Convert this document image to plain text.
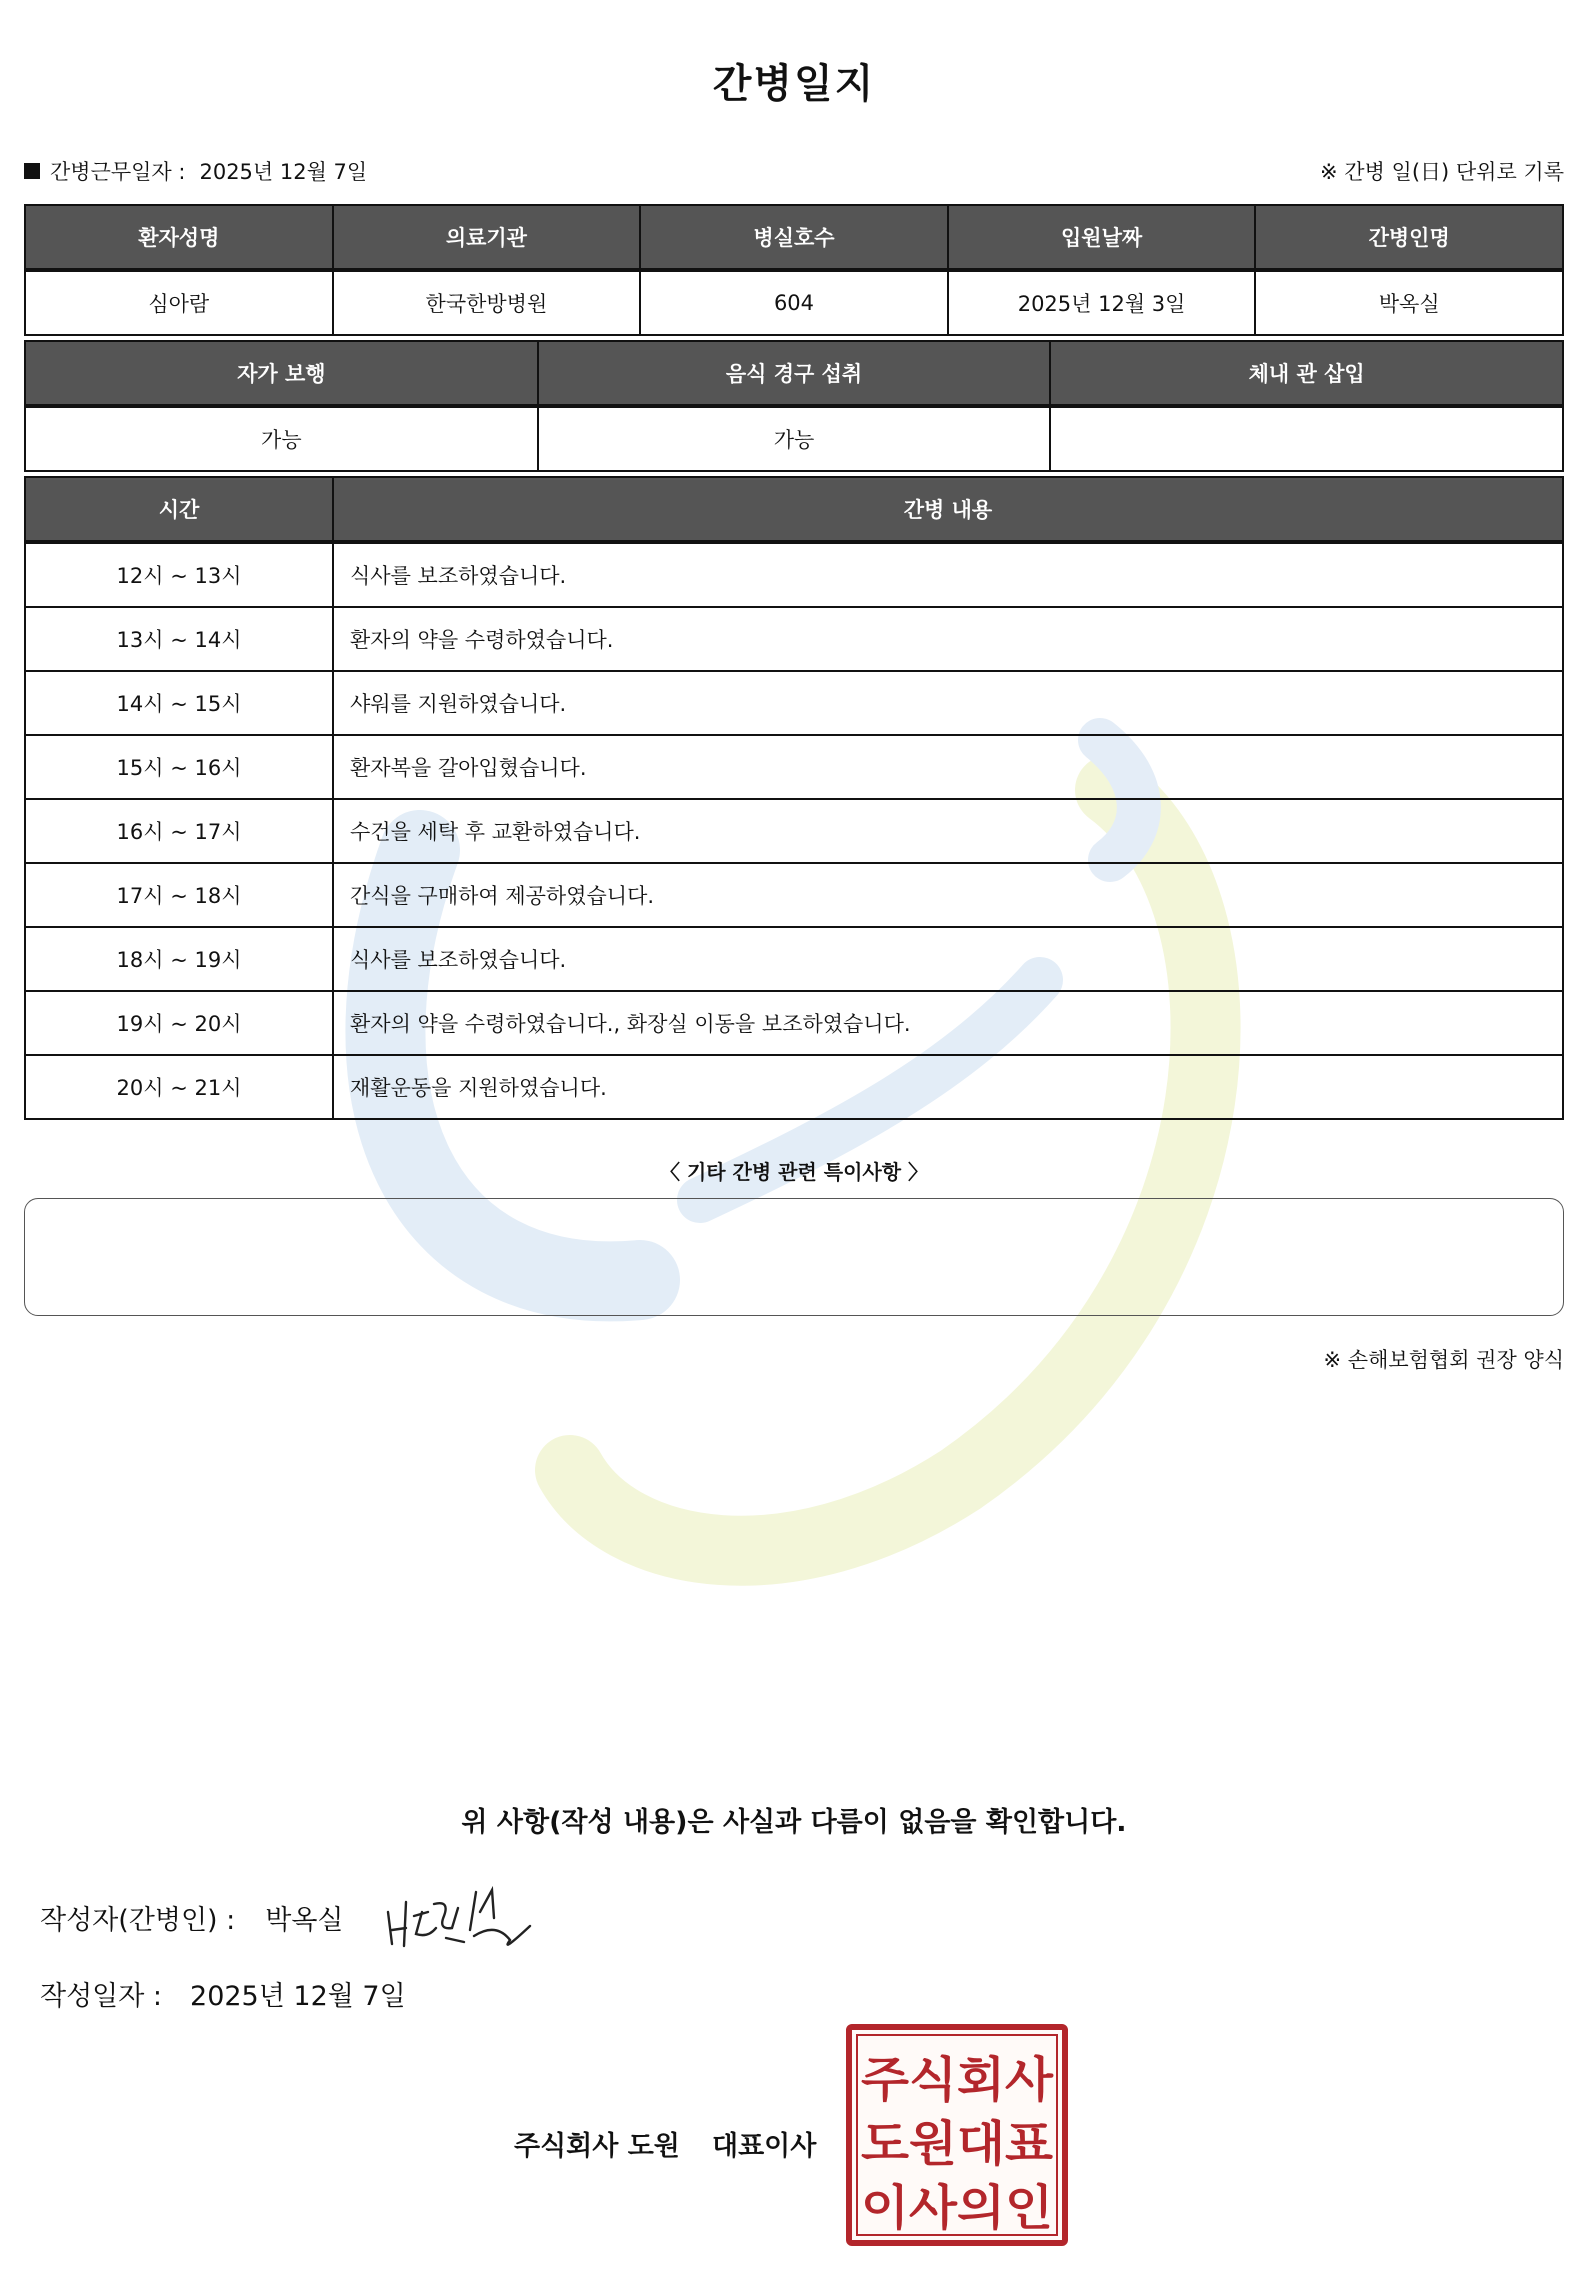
간병일지
간병근무일자 : 2025년 12월 7일	※ 간병 일(日) 단위로 기록
환자성명	의료기관	병실호수	입원날짜	간병인명
심아람	한국한방병원	604	2025년 12월 3일	박옥실
자가 보행	음식 경구 섭취	체내 관 삽입
가능	가능	
시간	간병 내용
12시 ~ 13시	식사를 보조하였습니다.
13시 ~ 14시	환자의 약을 수령하였습니다.
14시 ~ 15시	샤워를 지원하였습니다.
15시 ~ 16시	환자복을 갈아입혔습니다.
16시 ~ 17시	수건을 세탁 후 교환하였습니다.
17시 ~ 18시	간식을 구매하여 제공하였습니다.
18시 ~ 19시	식사를 보조하였습니다.
19시 ~ 20시	환자의 약을 수령하였습니다., 화장실 이동을 보조하였습니다.
20시 ~ 21시	재활운동을 지원하였습니다.
〈 기타 간병 관련 특이사항 〉
※ 손해보험협회 권장 양식
위 사항(작성 내용)은 사실과 다름이 없음을 확인합니다.
작성자(간병인) : 박옥실
작성일자 : 2025년 12월 7일
주식회사 도원 대표이사
주식회사
도원대표
이사의인
